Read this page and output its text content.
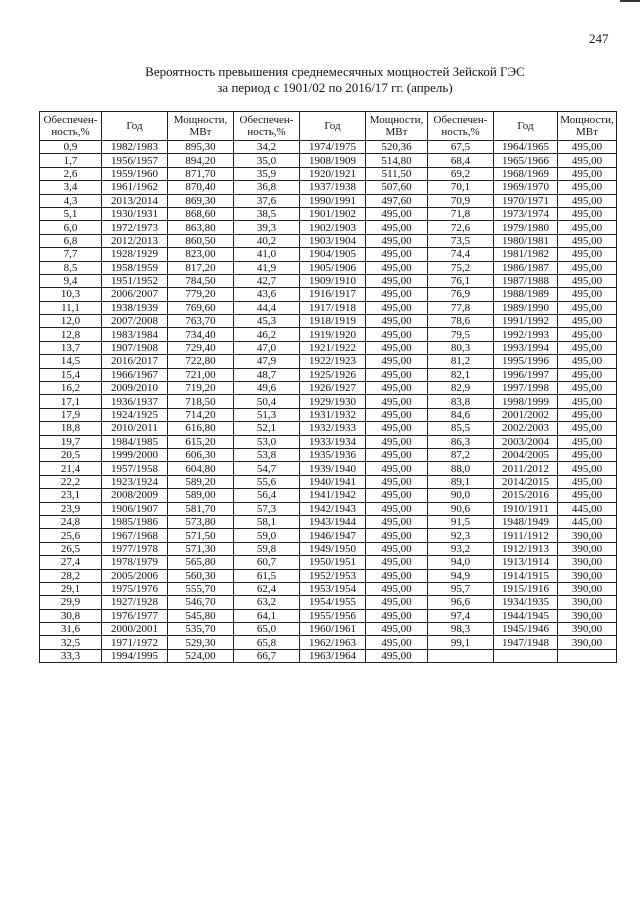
247
Вероятность превышения среднемесячных мощностей Зейской ГЭС
за период с 1901/02 по 2016/17 гг. (апрель)
Обеспечен-ность,%	Год	Мощности, МВт	Обеспечен-ность,%	Год	Мощности, МВт	Обеспечен-ность,%	Год	Мощности, МВт
0,9	1982/1983	895,30	34,2	1974/1975	520,36	67,5	1964/1965	495,00
1,7	1956/1957	894,20	35,0	1908/1909	514,80	68,4	1965/1966	495,00
2,6	1959/1960	871,70	35,9	1920/1921	511,50	69,2	1968/1969	495,00
3,4	1961/1962	870,40	36,8	1937/1938	507,60	70,1	1969/1970	495,00
4,3	2013/2014	869,30	37,6	1990/1991	497,60	70,9	1970/1971	495,00
5,1	1930/1931	868,60	38,5	1901/1902	495,00	71,8	1973/1974	495,00
6,0	1972/1973	863,80	39,3	1902/1903	495,00	72,6	1979/1980	495,00
6,8	2012/2013	860,50	40,2	1903/1904	495,00	73,5	1980/1981	495,00
7,7	1928/1929	823,00	41,0	1904/1905	495,00	74,4	1981/1982	495,00
8,5	1958/1959	817,20	41,9	1905/1906	495,00	75,2	1986/1987	495,00
9,4	1951/1952	784,50	42,7	1909/1910	495,00	76,1	1987/1988	495,00
10,3	2006/2007	779,20	43,6	1916/1917	495,00	76,9	1988/1989	495,00
11,1	1938/1939	769,60	44,4	1917/1918	495,00	77,8	1989/1990	495,00
12,0	2007/2008	763,70	45,3	1918/1919	495,00	78,6	1991/1992	495,00
12,8	1983/1984	734,40	46,2	1919/1920	495,00	79,5	1992/1993	495,00
13,7	1907/1908	729,40	47,0	1921/1922	495,00	80,3	1993/1994	495,00
14,5	2016/2017	722,80	47,9	1922/1923	495,00	81,2	1995/1996	495,00
15,4	1966/1967	721,00	48,7	1925/1926	495,00	82,1	1996/1997	495,00
16,2	2009/2010	719,20	49,6	1926/1927	495,00	82,9	1997/1998	495,00
17,1	1936/1937	718,50	50,4	1929/1930	495,00	83,8	1998/1999	495,00
17,9	1924/1925	714,20	51,3	1931/1932	495,00	84,6	2001/2002	495,00
18,8	2010/2011	616,80	52,1	1932/1933	495,00	85,5	2002/2003	495,00
19,7	1984/1985	615,20	53,0	1933/1934	495,00	86,3	2003/2004	495,00
20,5	1999/2000	606,30	53,8	1935/1936	495,00	87,2	2004/2005	495,00
21,4	1957/1958	604,80	54,7	1939/1940	495,00	88,0	2011/2012	495,00
22,2	1923/1924	589,20	55,6	1940/1941	495,00	89,1	2014/2015	495,00
23,1	2008/2009	589,00	56,4	1941/1942	495,00	90,0	2015/2016	495,00
23,9	1906/1907	581,70	57,3	1942/1943	495,00	90,6	1910/1911	445,00
24,8	1985/1986	573,80	58,1	1943/1944	495,00	91,5	1948/1949	445,00
25,6	1967/1968	571,50	59,0	1946/1947	495,00	92,3	1911/1912	390,00
26,5	1977/1978	571,30	59,8	1949/1950	495,00	93,2	1912/1913	390,00
27,4	1978/1979	565,80	60,7	1950/1951	495,00	94,0	1913/1914	390,00
28,2	2005/2006	560,30	61,5	1952/1953	495,00	94,9	1914/1915	390,00
29,1	1975/1976	555,70	62,4	1953/1954	495,00	95,7	1915/1916	390,00
29,9	1927/1928	546,70	63,2	1954/1955	495,00	96,6	1934/1935	390,00
30,8	1976/1977	545,80	64,1	1955/1956	495,00	97,4	1944/1945	390,00
31,6	2000/2001	535,70	65,0	1960/1961	495,00	98,3	1945/1946	390,00
32,5	1971/1972	529,30	65,8	1962/1963	495,00	99,1	1947/1948	390,00
33,3	1994/1995	524,00	66,7	1963/1964	495,00			
